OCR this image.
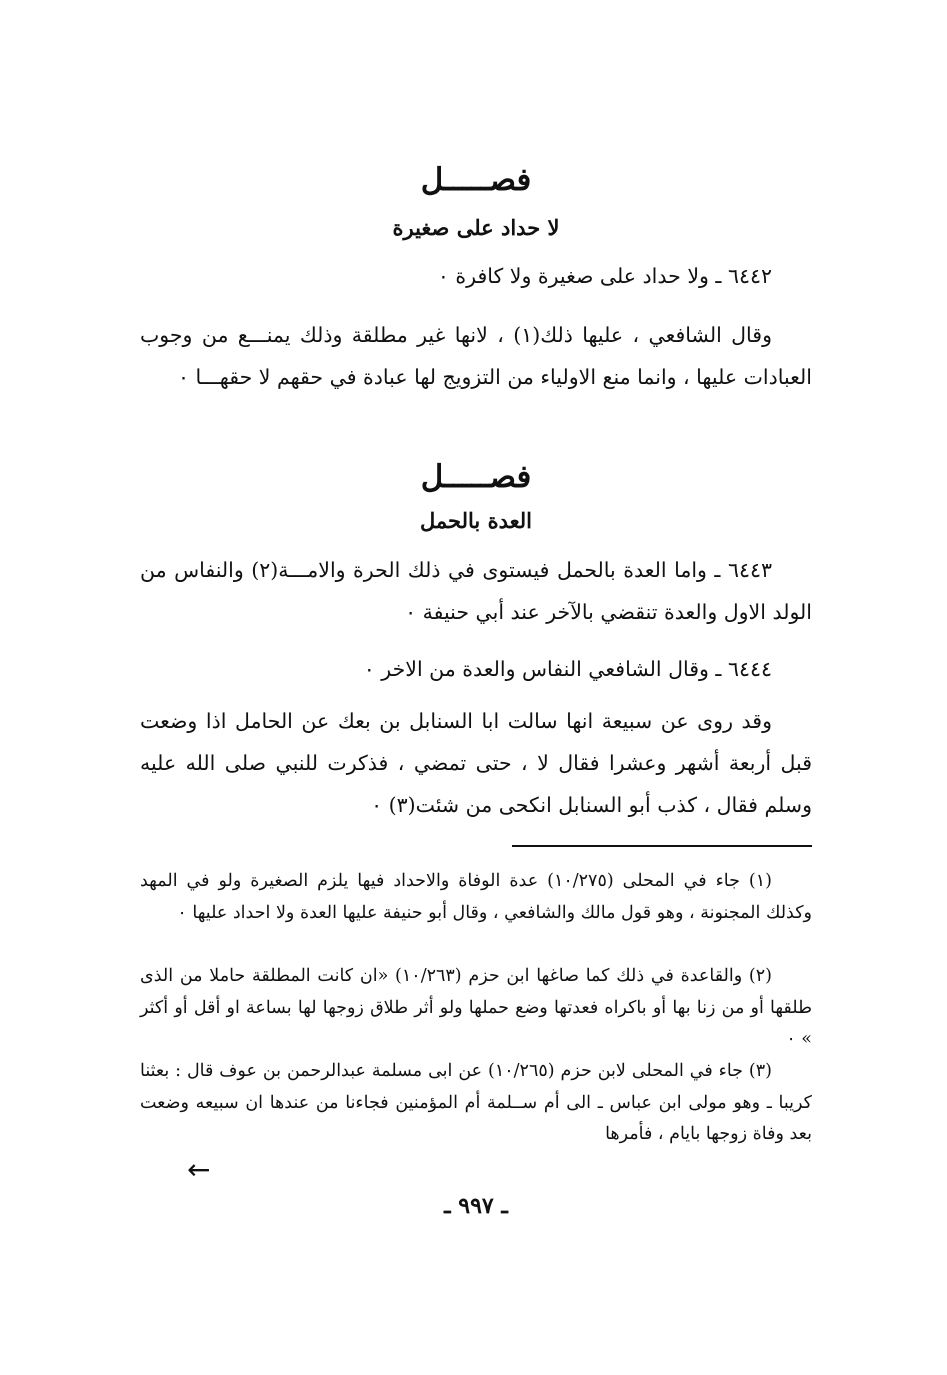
فصـــــل
لا حداد على صغيرة
٦٤٤٢ ـ ولا حداد على صغيرة ولا كافرة ٠
وقال الشافعي ، عليها ذلك(١) ، لانها غير مطلقة وذلك يمنـــع من وجوب العبادات عليها ، وانما منع الاولياء من التزويج لها عبادة في حقهم لا حقهـــا ٠
فصـــــل
العدة بالحمل
٦٤٤٣ ـ واما العدة بالحمل فيستوى في ذلك الحرة والامـــة(٢) والنفاس من الولد الاول والعدة تنقضي بالآخر عند أبي حنيفة ٠
٦٤٤٤ ـ وقال الشافعي النفاس والعدة من الاخر ٠
وقد روى عن سبيعة انها سالت ابا السنابل بن بعك عن الحامل اذا وضعت قبل أربعة أشهر وعشرا فقال لا ، حتى تمضي ، فذكرت للنبي صلى الله عليه وسلم فقال ، كذب أبو السنابل انكحى من شئت(٣) ٠
(١) جاء في المحلى (١٠/٢٧٥) عدة الوفاة والاحداد فيها يلزم الصغيرة ولو في المهد وكذلك المجنونة ، وهو قول مالك والشافعي ، وقال أبو حنيفة عليها العدة ولا احداد عليها ٠
(٢) والقاعدة في ذلك كما صاغها ابن حزم (١٠/٢٦٣) «ان كانت المطلقة حاملا من الذى طلقها أو من زنا بها أو باكراه فعدتها وضع حملها ولو أثر طلاق زوجها لها بساعة او أقل أو أكثر » ٠
(٣) جاء في المحلى لابن حزم (١٠/٢٦٥) عن ابى مسلمة عبدالرحمن بن عوف قال : بعثنا كريبا ـ وهو مولى ابن عباس ـ الى أم ســلمة أم المؤمنين فجاءنا من عندها ان سبيعه وضعت بعد وفاة زوجها بايام ، فأمرها
←
ـ ٩٩٧ ـ
